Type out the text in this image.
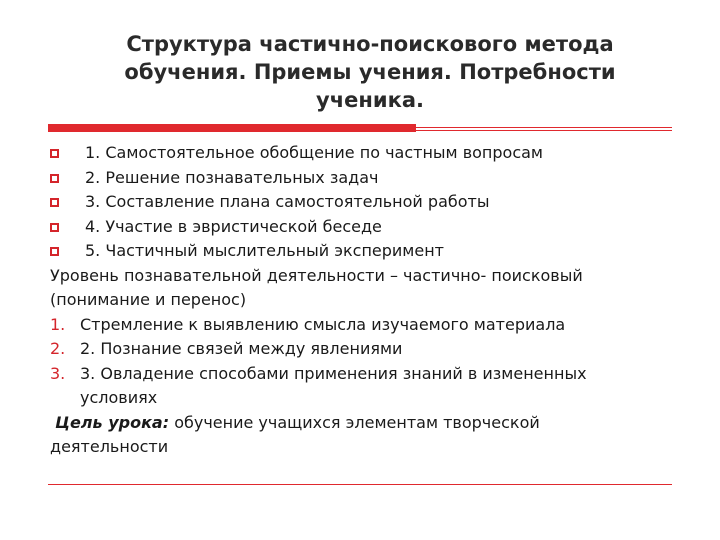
Структура частично-поискового метода
обучения. Приемы учения. Потребности
ученика.
1. Самостоятельное обобщение по частным вопросам
2. Решение познавательных задач
3. Составление плана самостоятельной работы
4. Участие в эвристической беседе
5. Частичный мыслительный эксперимент
Уровень познавательной деятельности – частично- поисковый
(понимание и перенос)
1. Стремление к выявлению смысла изучаемого материала
2. 2. Познание связей между явлениями
3. 3. Овладение способами применения знаний в измененных
условиях
Цель урока: обучение учащихся элементам творческой
деятельности
